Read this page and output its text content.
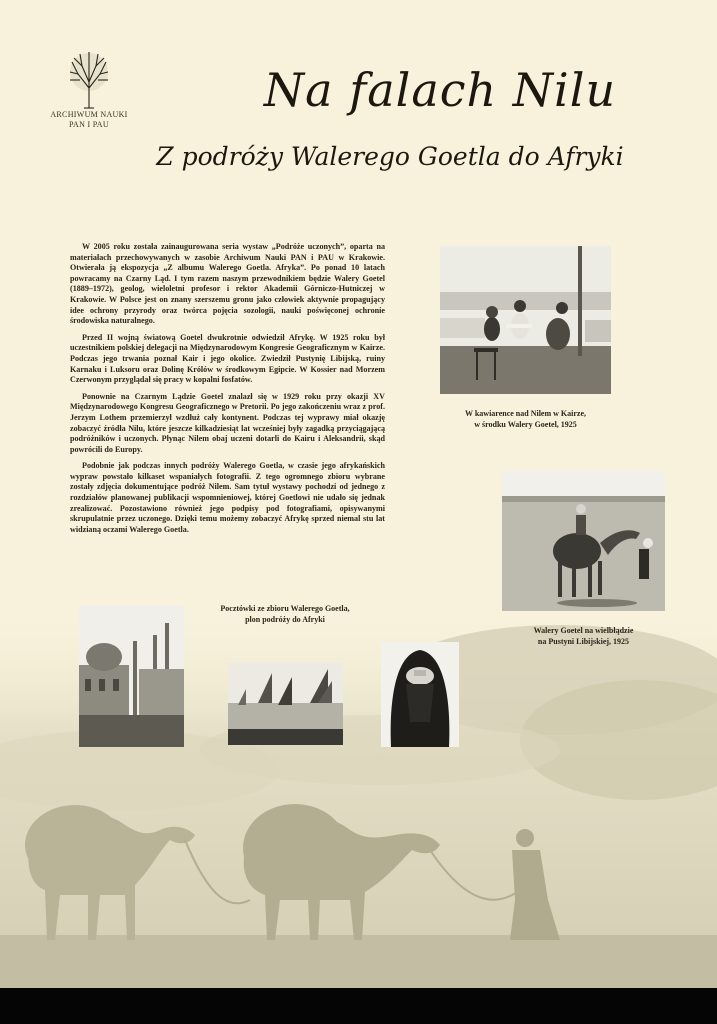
ARCHIWUM NAUKI
PAN I PAU
Na falach Nilu
Z podróży Walerego Goetla do Afryki

W 2005 roku została zainaugurowana seria wystaw „Podróże uczonych”, oparta na materiałach przechowywanych w zasobie Archiwum Nauki PAN i PAU w Krakowie. Otwierała ją ekspozycja „Z albumu Walerego Goetla. Afryka”. Po ponad 10 latach powracamy na Czarny Ląd. I tym razem naszym przewodnikiem będzie Walery Goetel (1889–1972), geolog, wieloletni profesor i rektor Akademii Górniczo-Hutniczej w Krakowie. W Polsce jest on znany szerszemu gronu jako człowiek aktywnie propagujący idee ochrony przyrody oraz twórca pojęcia sozologii, nauki poświęconej ochronie środowiska naturalnego.

Przed II wojną światową Goetel dwukrotnie odwiedził Afrykę. W 1925 roku był uczestnikiem polskiej delegacji na Międzynarodowym Kongresie Geograficznym w Kairze. Podczas jego trwania poznał Kair i jego okolice. Zwiedził Pustynię Libijską, ruiny Karnaku i Luksoru oraz Dolinę Królów w środkowym Egipcie. W Kossier nad Morzem Czerwonym przyglądał się pracy w kopalni fosfatów.

Ponownie na Czarnym Lądzie Goetel znalazł się w 1929 roku przy okazji XV Międzynarodowego Kongresu Geograficznego w Pretorii. Po jego zakończeniu wraz z prof. Jerzym Lothem przemierzył wzdłuż cały kontynent. Podczas tej wyprawy miał okazję zobaczyć źródła Nilu, które jeszcze kilkadziesiąt lat wcześniej były zagadką przyciągającą podróżników i uczonych. Płynąc Nilem obaj uczeni dotarli do Kairu i Aleksandrii, skąd powrócili do Europy.

Podobnie jak podczas innych podróży Walerego Goetla, w czasie jego afrykańskich wypraw powstało kilkaset wspaniałych fotografii. Z tego ogromnego zbioru wybrane zostały zdjęcia dokumentujące podróż Nilem. Sam tytuł wystawy pochodzi od jednego z rozdziałów planowanej publikacji wspomnieniowej, której Goetlowi nie udało się jednak zrealizować. Pozostawiono również jego podpisy pod fotografiami, opisywanymi skrupulatnie przez uczonego. Dzięki temu możemy zobaczyć Afrykę sprzed niemal stu lat widzianą oczami Walerego Goetla.

W kawiarence nad Nilem w Kairze,
w środku Walery Goetel, 1925
Walery Goetel na wielbłądzie
na Pustyni Libijskiej, 1925
Pocztówki ze zbioru Walerego Goetla,
plon podróży do Afryki
